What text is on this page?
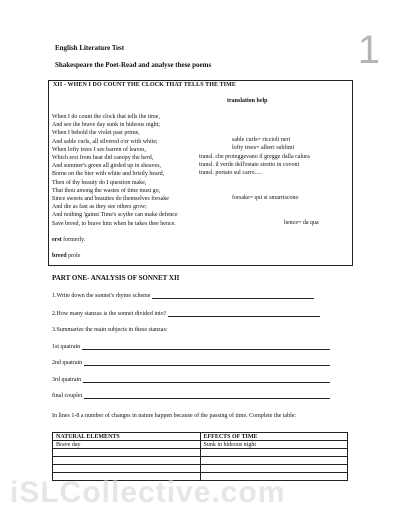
1
English Literature Test
Shakespeare the Poet-Read and analyse these poems
XII - WHEN I DO COUNT THE CLOCK THAT TELLS THE TIME
translation help
When I do count the clock that tells the time,
And see the brave day sunk in hideous night;
When I behold the violet past prime,
And sable curls, all silvered o'er with white;
When lofty trees I see barren of leaves,
Which erst from heat did canopy the herd,
And summer's green all girded up in sheaves,
Borne on the bier with white and bristly beard,
Then of thy beauty do I question make,
That thou among the wastes of time must go,
Since sweets and beauties do themselves forsake
And die as fast as they see others grow;
And nothing 'gainst Time's scythe can make defence
Save breed, to brave him when he takes thee hence.
erst formerly.
breed prole
sable curls= riccioli neri
lofty trees= alberi sublimi
transl. che proteggevano il gregge dalla calura
transl. il verde dell'estate stretto in covoni
transl. portato sul carro.....
forsake= qui si smarriscono
hence= da qua
PART ONE- ANALYSIS OF SONNET XII
1.Write down the sonnet's rhyme scheme
2.How many stanzas is the sonnet divided into?
3.Summarize the main subjects in these stanzas:
1st quatrain
2nd quatrain
3rd quatrain
final couplet
In lines 1-8 a number of changes in nature happen because of the passing of time. Complete the table:
NATURAL ELEMENTS	EFFECTS OF TIME
Brave day	Sunk in hideous night

iSLCollective.com
